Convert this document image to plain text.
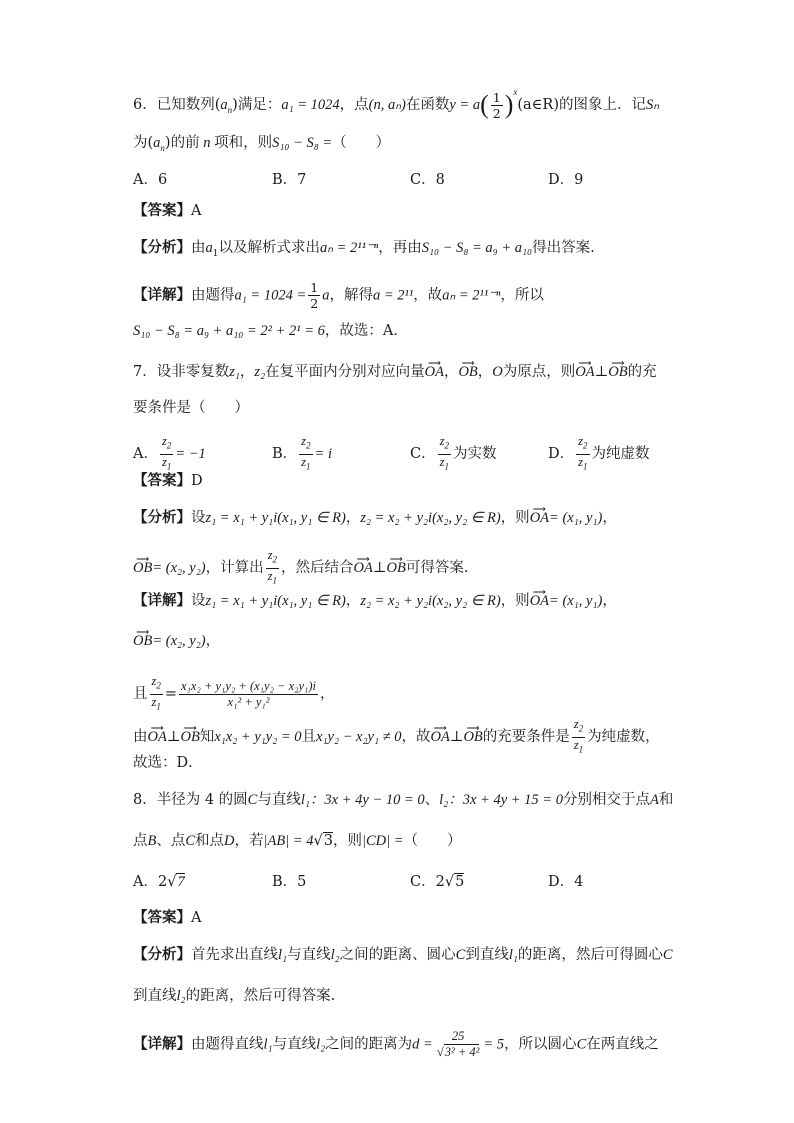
6．已知数列$(a_n)$满足：a₁ = 1024，点(n, aₙ)在函数$y = a( \frac{1}{2}$ )$^x(a\in R)$的图象上．记Sₙ
为$(a_n)$的前 n 项和，则S₁₀ − S₈ =（　　）
A．6	B．7	C．8	D．9
【答案】A
【分析】由$a_1$以及解析式求出aₙ = 2¹¹⁻ⁿ，再由S₁₀ − S₈ = a₉ + a₁₀得出答案.
【详解】由题得$a_1 = 1024 = \frac{1}{2}$ a，解得a = 2¹¹，故aₙ = 2¹¹⁻ⁿ，所以
S₁₀ − S₈ = a₉ + a₁₀ = 2² + 2¹ = 6，故选：A．
7．设非零复数z₁，z₂在复平面内分别对应向量⟶ OA，⟶ OB，O为原点，则⟶ OA⊥⟶ OB的充
要条件是（　　）
A． $\frac{z_2}{z_1} = -1$	B． $\frac{z_2}{z_1} = i$	C． $\frac{z_2}{z_1}$ 为实数	D． $\frac{z_2}{z_1}$ 为纯虚数
【答案】D
【分析】设z₁ = x₁ + y₁i(x₁, y₁ ∈ R)，z₂ = x₂ + y₂i(x₂, y₂ ∈ R)，则⟶ OA= (x₁, y₁)，
⟶ OB= (x₂, y₂)，计算出 $\frac{z_2}{z_1}$ ，然后结合⟶ OA⊥⟶ OB可得答案.
【详解】设z₁ = x₁ + y₁i(x₁, y₁ ∈ R)，z₂ = x₂ + y₂i(x₂, y₂ ∈ R)，则⟶ OA= (x₁, y₁)，
⟶ OB= (x₂, y₂)，
且 $\frac{z_2}{z_1} = \frac{\text{x₁x₂ + y₁y₂ + (x₁y₂ − x₂y₁)i}}{\text{x₁² + y₁²}}$ ，
由⟶ OA⊥⟶ OB知x₁x₂ + y₁y₂ = 0且x₁y₂ − x₂y₁ ≠ 0，故⟶ OA⊥⟶ OB的充要条件是 $\frac{z_2}{z_1}$ 为纯虚数，
故选：D．
8．半径为 4 的圆C与直线l₁：3x + 4y − 10 = 0、l₂：3x + 4y + 15 = 0分别相交于点A和
点B、点C和点D，若|AB| = 4√3，则|CD| =（　　）
A．2√7	B．5	C．2√5	D．4
【答案】A
【分析】首先求出直线l₁与直线l₂之间的距离、圆心C到直线l₁的距离，然后可得圆心C
到直线l₂的距离，然后可得答案.
【详解】由题得直线l₁与直线l₂之间的距离为$d = \frac{25}{\text{√3² + 4²}} = 5$，所以圆心C在两直线之
